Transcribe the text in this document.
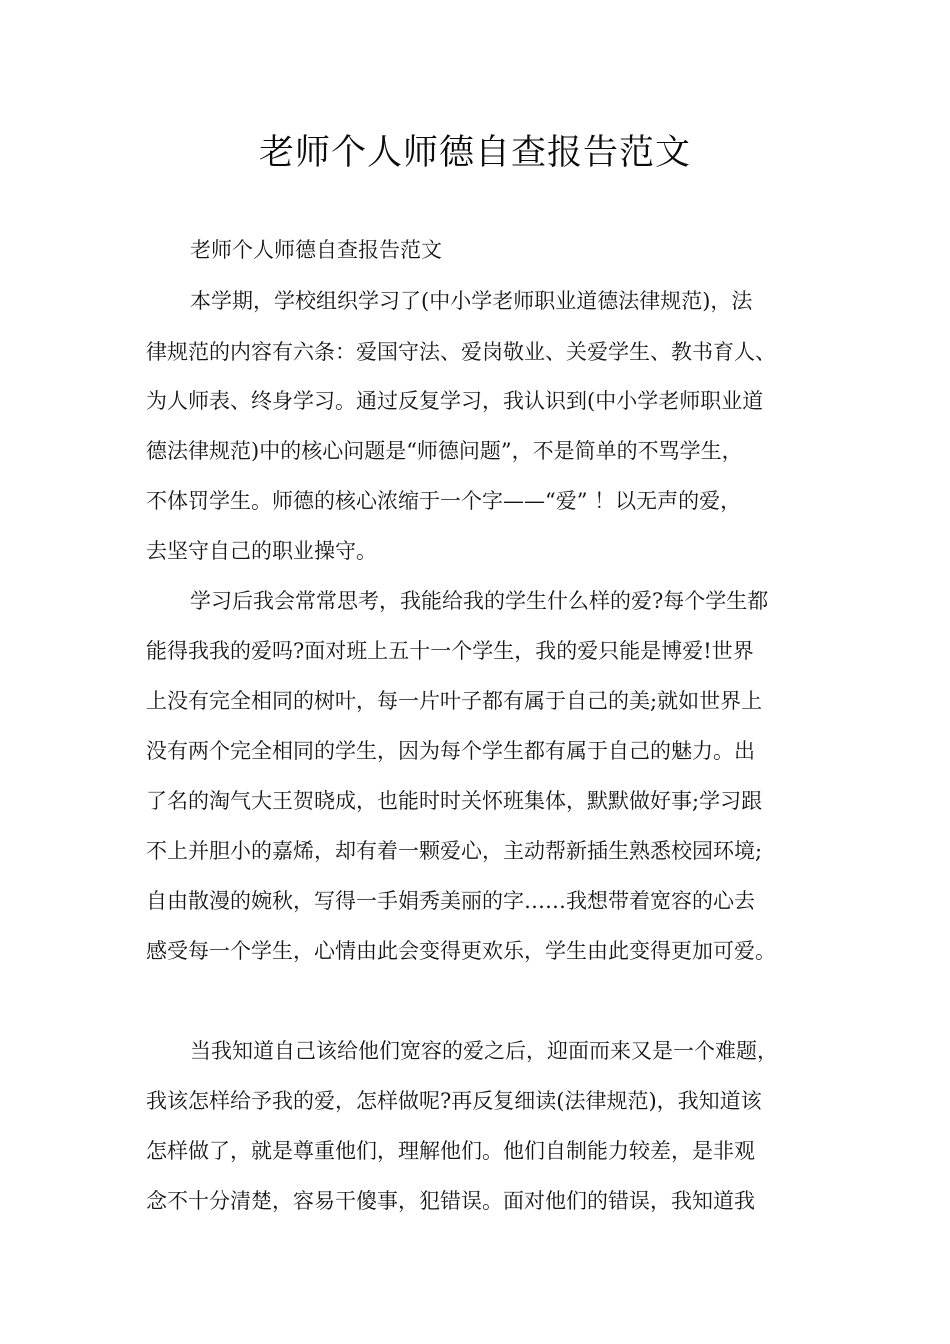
老师个人师德自查报告范文
老师个人师德自查报告范文
本学期，学校组织学习了(中小学老师职业道德法律规范)，法
律规范的内容有六条：爱国守法、爱岗敬业、关爱学生、教书育人、
为人师表、终身学习。通过反复学习，我认识到(中小学老师职业道
德法律规范)中的核心问题是“师德问题”，不是简单的不骂学生，
不体罚学生。师德的核心浓缩于一个字——“爱” ！以无声的爱，
去坚守自己的职业操守。
学习后我会常常思考，我能给我的学生什么样的爱?每个学生都
能得我我的爱吗?面对班上五十一个学生，我的爱只能是博爱!世界
上没有完全相同的树叶，每一片叶子都有属于自己的美;就如世界上
没有两个完全相同的学生，因为每个学生都有属于自己的魅力。出
了名的淘气大王贺晓成，也能时时关怀班集体，默默做好事;学习跟
不上并胆小的嘉烯，却有着一颗爱心，主动帮新插生熟悉校园环境;
自由散漫的婉秋，写得一手娟秀美丽的字……我想带着宽容的心去
感受每一个学生，心情由此会变得更欢乐，学生由此变得更加可爱。
当我知道自己该给他们宽容的爱之后，迎面而来又是一个难题，
我该怎样给予我的爱，怎样做呢?再反复细读(法律规范)，我知道该
怎样做了，就是尊重他们，理解他们。他们自制能力较差，是非观
念不十分清楚，容易干傻事，犯错误。面对他们的错误，我知道我
